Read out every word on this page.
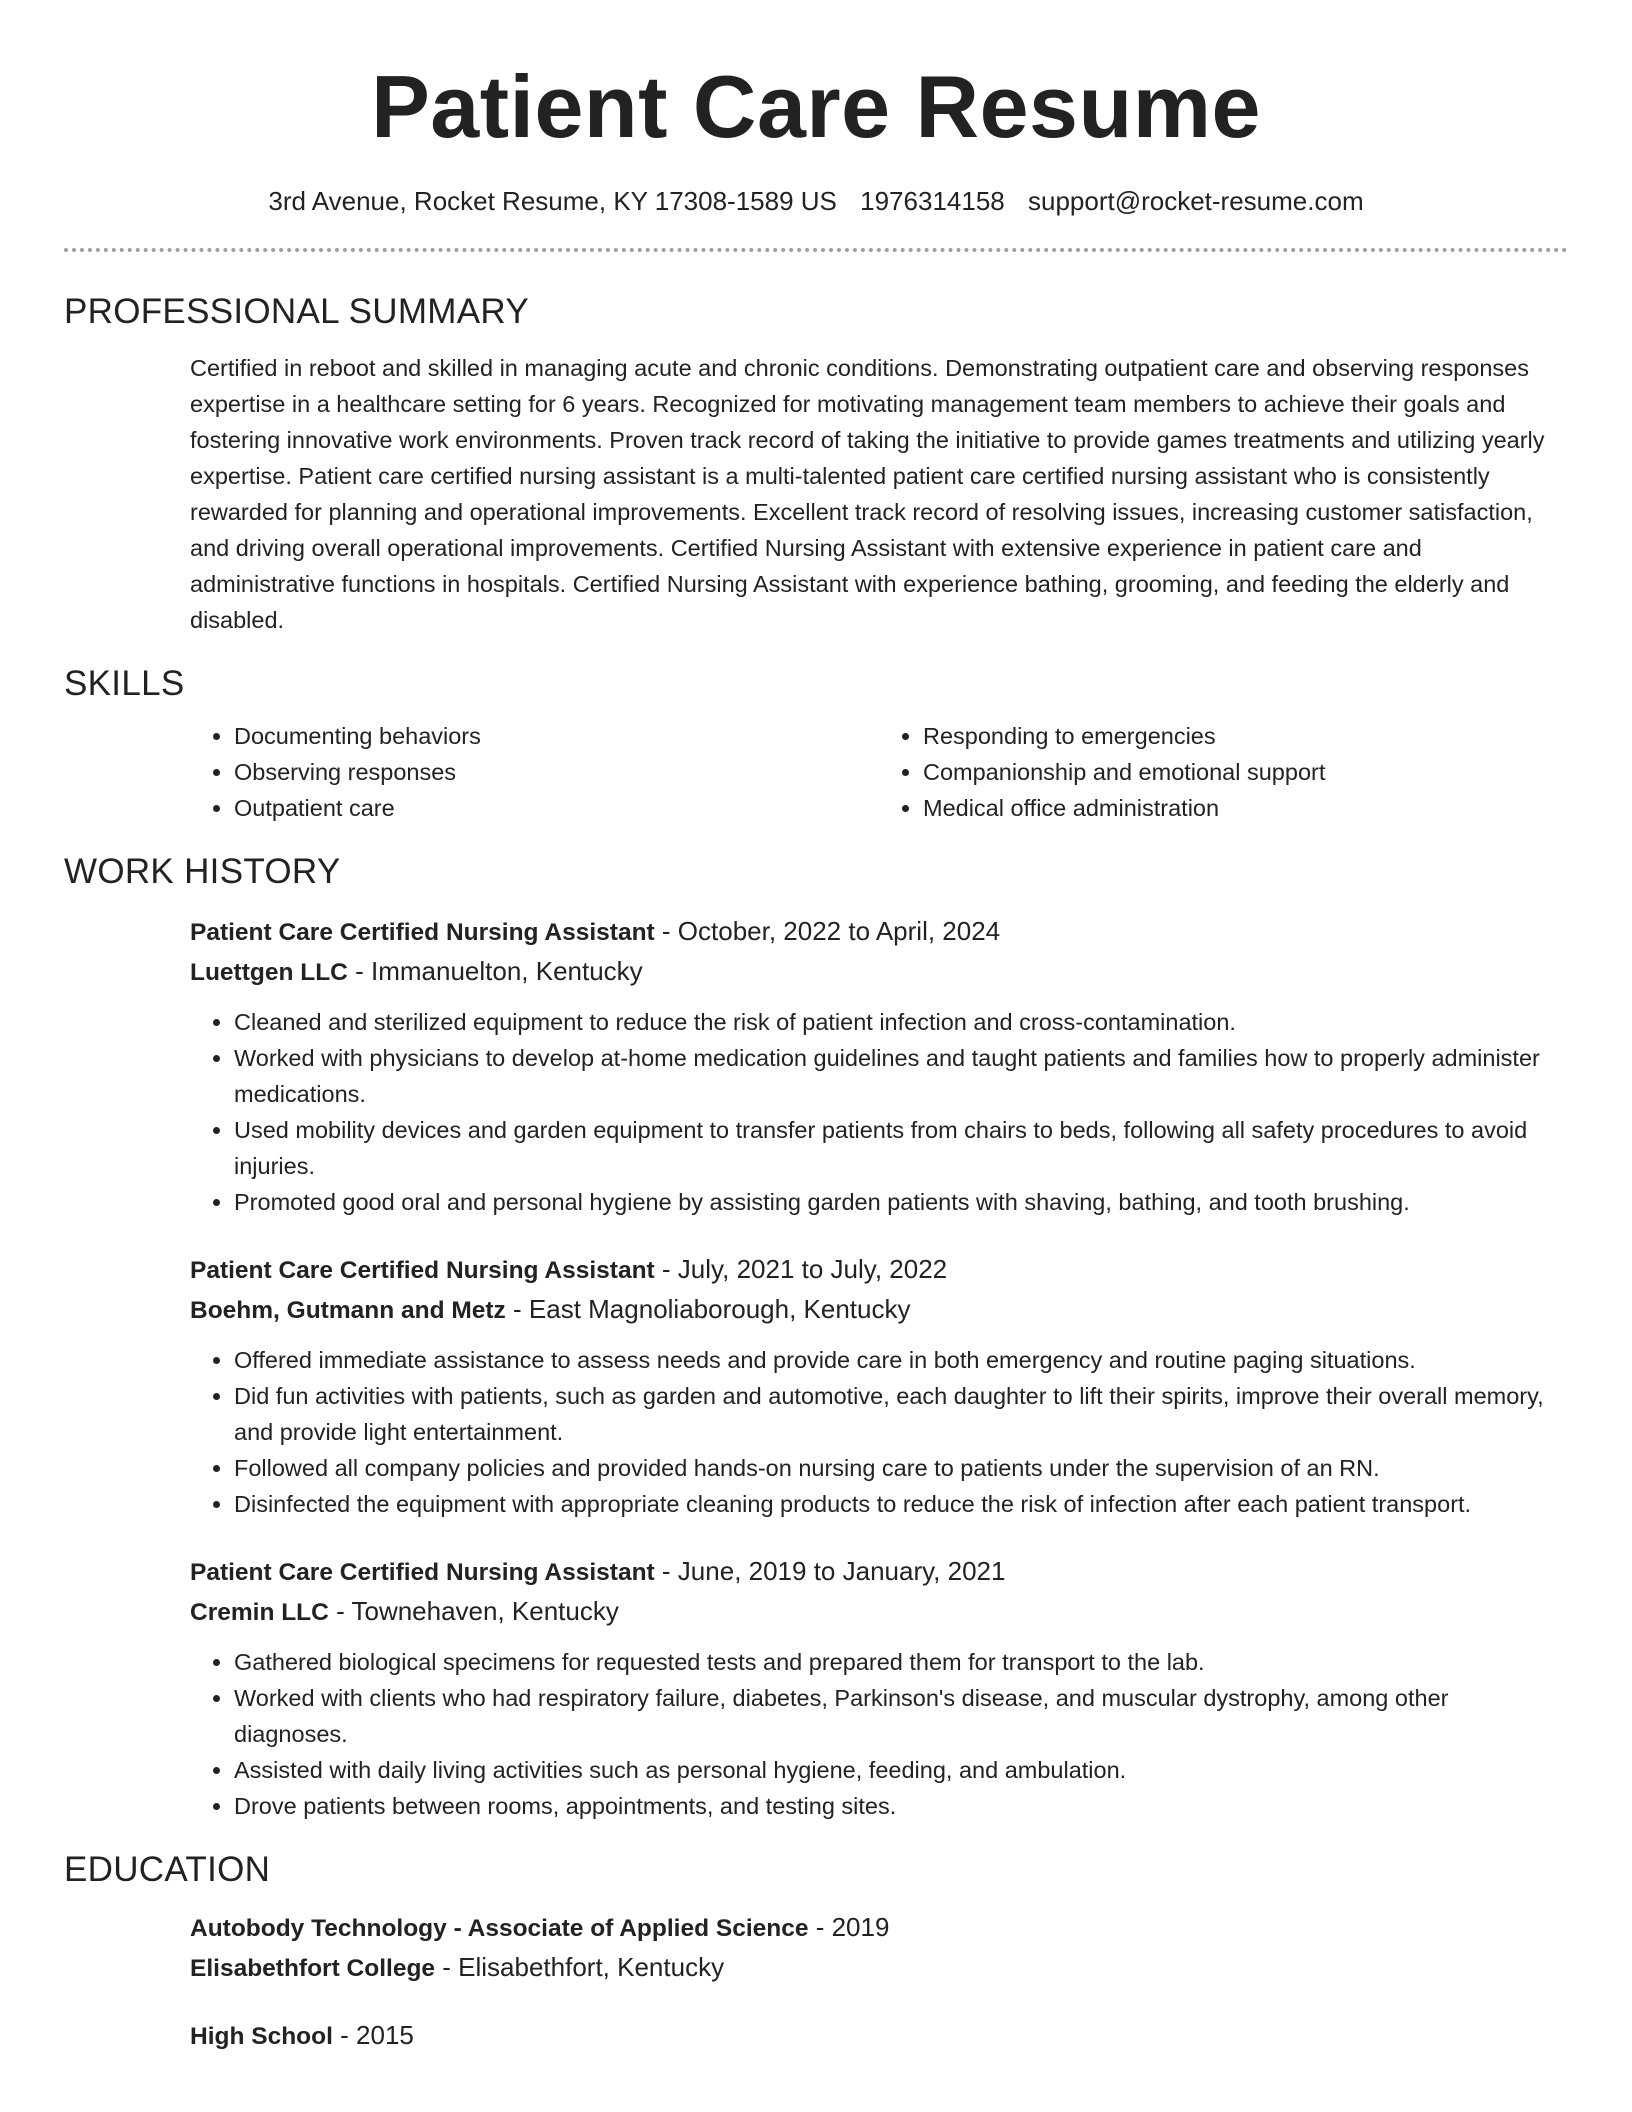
Patient Care Resume
3rd Avenue, Rocket Resume, KY 17308-1589 US 1976314158 support@rocket-resume.com
PROFESSIONAL SUMMARY
Certified in reboot and skilled in managing acute and chronic conditions. Demonstrating outpatient care and observing responses expertise in a healthcare setting for 6 years. Recognized for motivating management team members to achieve their goals and fostering innovative work environments. Proven track record of taking the initiative to provide games treatments and utilizing yearly expertise. Patient care certified nursing assistant is a multi-talented patient care certified nursing assistant who is consistently rewarded for planning and operational improvements. Excellent track record of resolving issues, increasing customer satisfaction, and driving overall operational improvements. Certified Nursing Assistant with extensive experience in patient care and administrative functions in hospitals. Certified Nursing Assistant with experience bathing, grooming, and feeding the elderly and disabled.
SKILLS
• Documenting behaviors
• Observing responses
• Outpatient care
• Responding to emergencies
• Companionship and emotional support
• Medical office administration
WORK HISTORY
Patient Care Certified Nursing Assistant - October, 2022 to April, 2024
Luettgen LLC - Immanuelton, Kentucky
• Cleaned and sterilized equipment to reduce the risk of patient infection and cross-contamination.
• Worked with physicians to develop at-home medication guidelines and taught patients and families how to properly administer medications.
• Used mobility devices and garden equipment to transfer patients from chairs to beds, following all safety procedures to avoid injuries.
• Promoted good oral and personal hygiene by assisting garden patients with shaving, bathing, and tooth brushing.
Patient Care Certified Nursing Assistant - July, 2021 to July, 2022
Boehm, Gutmann and Metz - East Magnoliaborough, Kentucky
• Offered immediate assistance to assess needs and provide care in both emergency and routine paging situations.
• Did fun activities with patients, such as garden and automotive, each daughter to lift their spirits, improve their overall memory, and provide light entertainment.
• Followed all company policies and provided hands-on nursing care to patients under the supervision of an RN.
• Disinfected the equipment with appropriate cleaning products to reduce the risk of infection after each patient transport.
Patient Care Certified Nursing Assistant - June, 2019 to January, 2021
Cremin LLC - Townehaven, Kentucky
• Gathered biological specimens for requested tests and prepared them for transport to the lab.
• Worked with clients who had respiratory failure, diabetes, Parkinson's disease, and muscular dystrophy, among other diagnoses.
• Assisted with daily living activities such as personal hygiene, feeding, and ambulation.
• Drove patients between rooms, appointments, and testing sites.
EDUCATION
Autobody Technology - Associate of Applied Science - 2019
Elisabethfort College - Elisabethfort, Kentucky
High School - 2015
